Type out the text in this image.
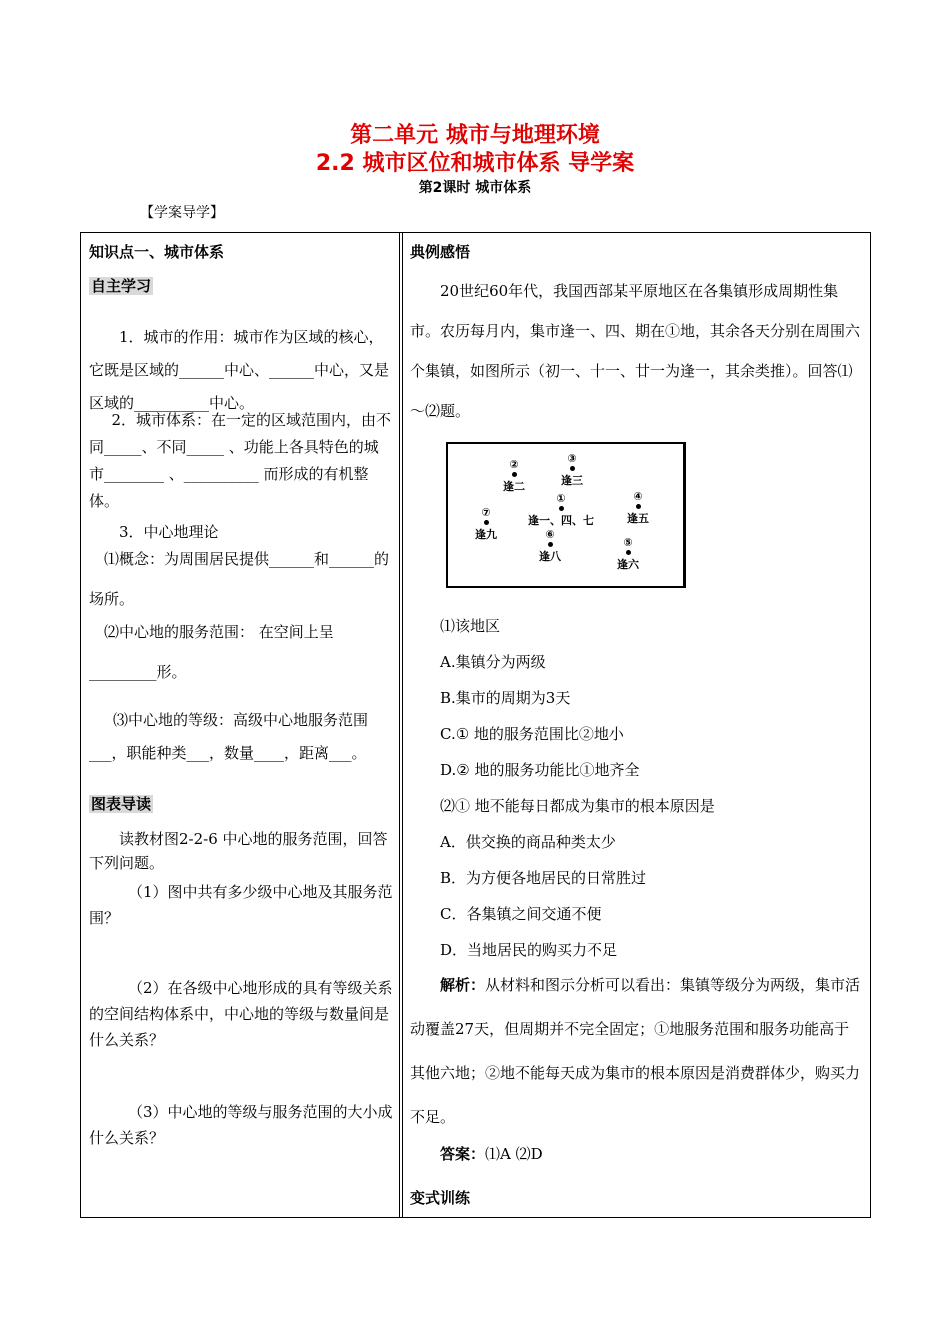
第二单元 城市与地理环境
2.2 城市区位和城市体系 导学案
第2课时 城市体系
【学案导学】
知识点一、城市体系
自主学习
1．城市的作用：城市作为区域的核心，它既是区域的______中心、______中心，又是区域的__________中心。
2．城市体系：在一定的区域范围内，由不同_____、不同_____ 、功能上各具特色的城市________ 、__________ 而形成的有机整体。
3．中心地理论
⑴概念：为周围居民提供______和______的场所。
⑵中心地的服务范围： 在空间上呈
_________形。
⑶中心地的等级：高级中心地服务范围___，职能种类___，数量____，距离___。
图表导读
读教材图2-2-6 中心地的服务范围，回答下列问题。
（1）图中共有多少级中心地及其服务范围？
（2）在各级中心地形成的具有等级关系的空间结构体系中，中心地的等级与数量间是什么关系？
（3）中心地的等级与服务范围的大小成什么关系？
典例感悟
20世纪60年代，我国西部某平原地区在各集镇形成周期性集市。农历每月内，集市逢一、四、期在①地，其余各天分别在周围六个集镇，如图所示（初一、十一、廿一为逢一，其余类推）。回答⑴～⑵题。
②
逢二
③
逢三
①
逢一、四、七
④
逢五
⑦
逢九	⑥
逢八
⑤
逢六
⑴该地区
A.集镇分为两级
B.集市的周期为3天
C.① 地的服务范围比②地小
D.② 地的服务功能比①地齐全
⑵① 地不能每日都成为集市的根本原因是
A．供交换的商品种类太少
B．为方便各地居民的日常胜过
C．各集镇之间交通不便
D．当地居民的购买力不足
解析：从材料和图示分析可以看出：集镇等级分为两级，集市活动覆盖27天，但周期并不完全固定；①地服务范围和服务功能高于其他六地；②地不能每天成为集市的根本原因是消费群体少，购买力不足。
答案：⑴A ⑵D
变式训练
